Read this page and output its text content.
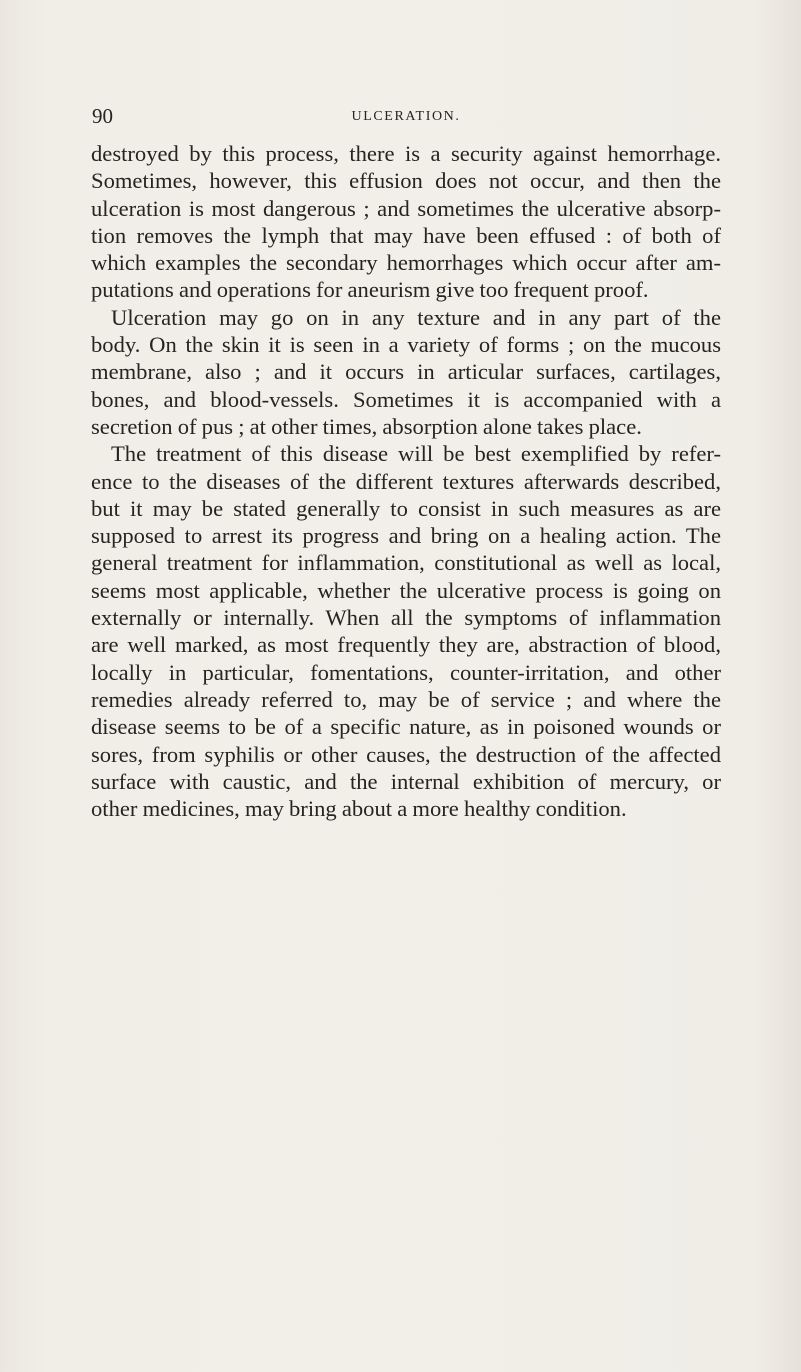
90	ULCERATION.
destroyed by this process, there is a security against hemorrhage.
Sometimes, however, this effusion does not occur, and then the
ulceration is most dangerous ; and sometimes the ulcerative absorp-
tion removes the lymph that may have been effused : of both of
which examples the secondary hemorrhages which occur after am-
putations and operations for aneurism give too frequent proof.
Ulceration may go on in any texture and in any part of the
body. On the skin it is seen in a variety of forms ; on the mucous
membrane, also ; and it occurs in articular surfaces, cartilages,
bones, and blood-vessels. Sometimes it is accompanied with a
secretion of pus ; at other times, absorption alone takes place.
The treatment of this disease will be best exemplified by refer-
ence to the diseases of the different textures afterwards described,
but it may be stated generally to consist in such measures as are
supposed to arrest its progress and bring on a healing action. The
general treatment for inflammation, constitutional as well as local,
seems most applicable, whether the ulcerative process is going on
externally or internally. When all the symptoms of inflammation
are well marked, as most frequently they are, abstraction of blood,
locally in particular, fomentations, counter-irritation, and other
remedies already referred to, may be of service ; and where the
disease seems to be of a specific nature, as in poisoned wounds or
sores, from syphilis or other causes, the destruction of the affected
surface with caustic, and the internal exhibition of mercury, or
other medicines, may bring about a more healthy condition.
